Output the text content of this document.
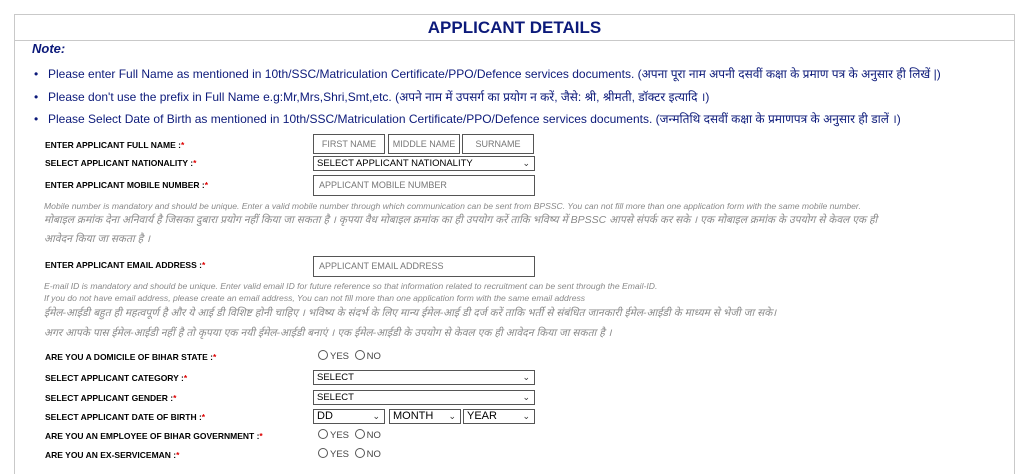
APPLICANT DETAILS
Note:
• Please enter Full Name as mentioned in 10th/SSC/Matriculation Certificate/PPO/Defence services documents. (अपना पूरा नाम अपनी दसवीं कक्षा के प्रमाण पत्र के अनुसार ही लिखें |)
• Please don't use the prefix in Full Name e.g:Mr,Mrs,Shri,Smt,etc. (अपने नाम में उपसर्ग का प्रयोग न करें, जैसे: श्री, श्रीमती, डॉक्टर इत्यादि ।)
• Please Select Date of Birth as mentioned in 10th/SSC/Matriculation Certificate/PPO/Defence services documents. (जन्मतिथि दसवीं कक्षा के प्रमाणपत्र के अनुसार ही डालें ।)
ENTER APPLICANT FULL NAME :*	FIRST NAME	MIDDLE NAME	SURNAME
SELECT APPLICANT NATIONALITY :*	SELECT APPLICANT NATIONALITY	⌄
ENTER APPLICANT MOBILE NUMBER :*	APPLICANT MOBILE NUMBER
Mobile number is mandatory and should be unique. Enter a valid mobile number through which communication can be sent from BPSSC. You can not fill more than one application form with the same mobile number.
मोबाइल क्रमांक देना अनिवार्य है जिसका दुबारा प्रयोग नहीं किया जा सकता है । कृपया वैध मोबाइल क्रमांक का ही उपयोग करें ताकि भविष्य में BPSSC आपसे संपर्क कर सके । एक मोबाइल क्रमांक के उपयोग से केवल एक ही
आवेदन किया जा सकता है ।
ENTER APPLICANT EMAIL ADDRESS :*	APPLICANT EMAIL ADDRESS
E-mail ID is mandatory and should be unique. Enter valid email ID for future reference so that information related to recruitment can be sent through the Email-ID.
If you do not have email address, please create an email address, You can not fill more than one application form with the same email address
ईमेल-आईडी बहुत ही महत्वपूर्ण है और ये आई डी विशिष्ट होनी चाहिए । भविष्य के संदर्भ के लिए मान्य ईमेल-आई डी दर्ज करें ताकि भर्ती से संबंधित जानकारी ईमेल-आईडी के माध्यम से भेजी जा सके।
अगर आपके पास ईमेल-आईडी नहीं है तो कृपया एक नयी ईमेल-आईडी बनाएं । एक ईमेल-आईडी के उपयोग से केवल एक ही आवेदन किया जा सकता है ।
ARE YOU A DOMICILE OF BIHAR STATE :*	YES NO
SELECT APPLICANT CATEGORY :*	SELECT	⌄
SELECT APPLICANT GENDER :*	SELECT	⌄
SELECT APPLICANT DATE OF BIRTH :*	DD	⌄	MONTH ⌄	YEAR	⌄
ARE YOU AN EMPLOYEE OF BIHAR GOVERNMENT :*	YES NO
ARE YOU AN EX-SERVICEMAN :*	YES NO
